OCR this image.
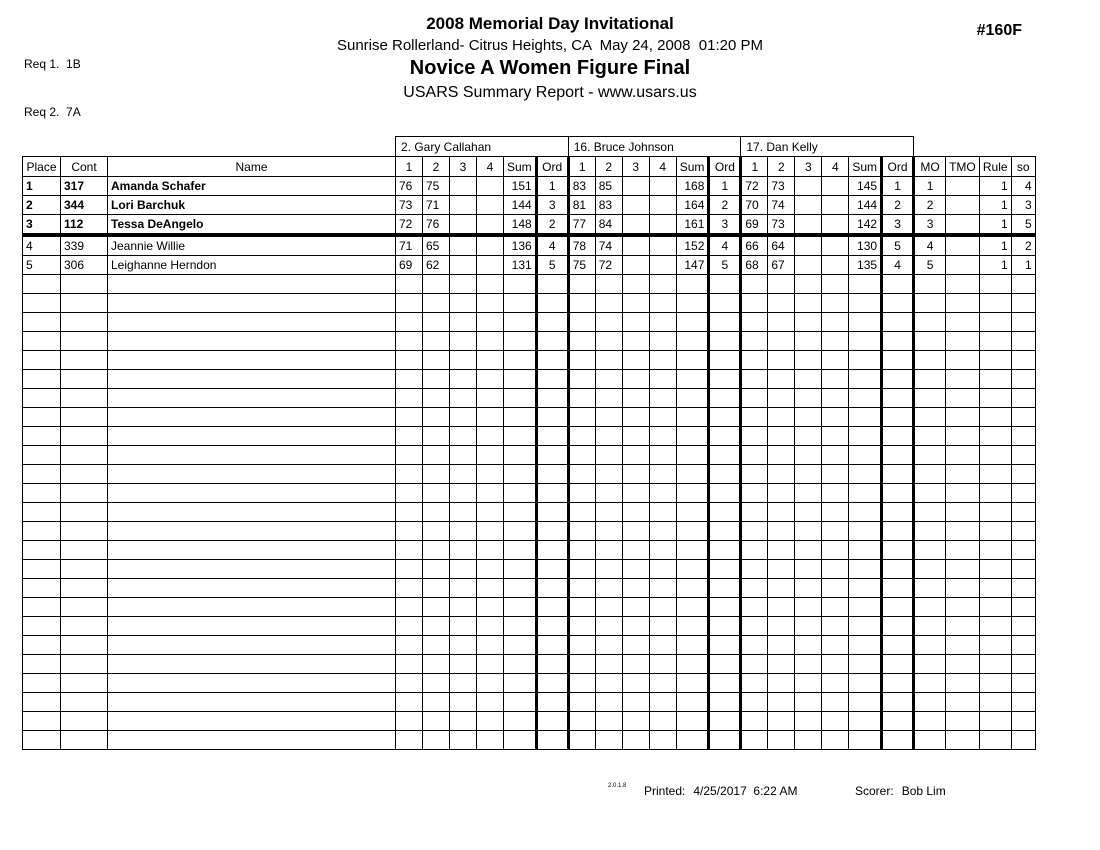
Req 1.  1B

Req 2.  7A

#160F
2008 Memorial Day Invitational
Sunrise Rollerland- Citrus Heights, CA  May 24, 2008  01:20 PM
Novice A Women Figure Final
USARS Summary Report - www.usars.us
			2. Gary Callahan						16. Bruce Johnson						17. Dan Kelly									
Place	Cont	Name	1	2	3	4	Sum	Ord	1	2	3	4	Sum	Ord	1	2	3	4	Sum	Ord	MO	TMO	Rule	so
1	317	Amanda Schafer	76	75			151	1	83	85			168	1	72	73			145	1	1		1	4
2	344	Lori Barchuk	73	71			144	3	81	83			164	2	70	74			144	2	2		1	3
3	112	Tessa DeAngelo	72	76			148	2	77	84			161	3	69	73			142	3	3		1	5
4	339	Jeannie Willie	71	65			136	4	78	74			152	4	66	64			130	5	4		1	2
5	306	Leighanne Herndon	69	62			131	5	75	72			147	5	68	67			135	4	5		1	1

2.0.1.8 Printed: 4/25/2017  6:22 AM	Scorer: Bob Lim
